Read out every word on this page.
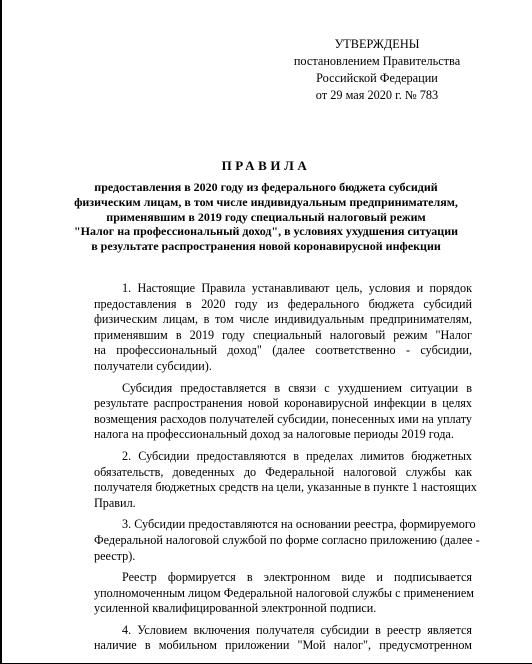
УТВЕРЖДЕНЫ
постановлением Правительства
Российской Федерации
от 29 мая 2020 г. № 783
ПРАВИЛА
предоставления в 2020 году из федерального бюджета субсидий
физическим лицам, в том числе индивидуальным предпринимателям,
применявшим в 2019 году специальный налоговый режим
"Налог на профессиональный доход", в условиях ухудшения ситуации
в результате распространения новой коронавирусной инфекции
1. Настоящие Правила устанавливают цель, условия и порядок
предоставления в 2020 году из федерального бюджета субсидий
физическим лицам, в том числе индивидуальным предпринимателям,
применявшим в 2019 году специальный налоговый режим "Налог
на профессиональный доход" (далее соответственно - субсидии,
получатели субсидии).
Субсидия предоставляется в связи с ухудшением ситуации в
результате распространения новой коронавирусной инфекции в целях
возмещения расходов получателей субсидии, понесенных ими на уплату
налога на профессиональный доход за налоговые периоды 2019 года.
2. Субсидии предоставляются в пределах лимитов бюджетных
обязательств, доведенных до Федеральной налоговой службы как
получателя бюджетных средств на цели, указанные в пункте 1 настоящих
Правил.
3. Субсидии предоставляются на основании реестра, формируемого
Федеральной налоговой службой по форме согласно приложению (далее -
реестр).
Реестр формируется в электронном виде и подписывается
уполномоченным лицом Федеральной налоговой службы с применением
усиленной квалифицированной электронной подписи.
4. Условием включения получателя субсидии в реестр является
наличие в мобильном приложении "Мой налог", предусмотренном
